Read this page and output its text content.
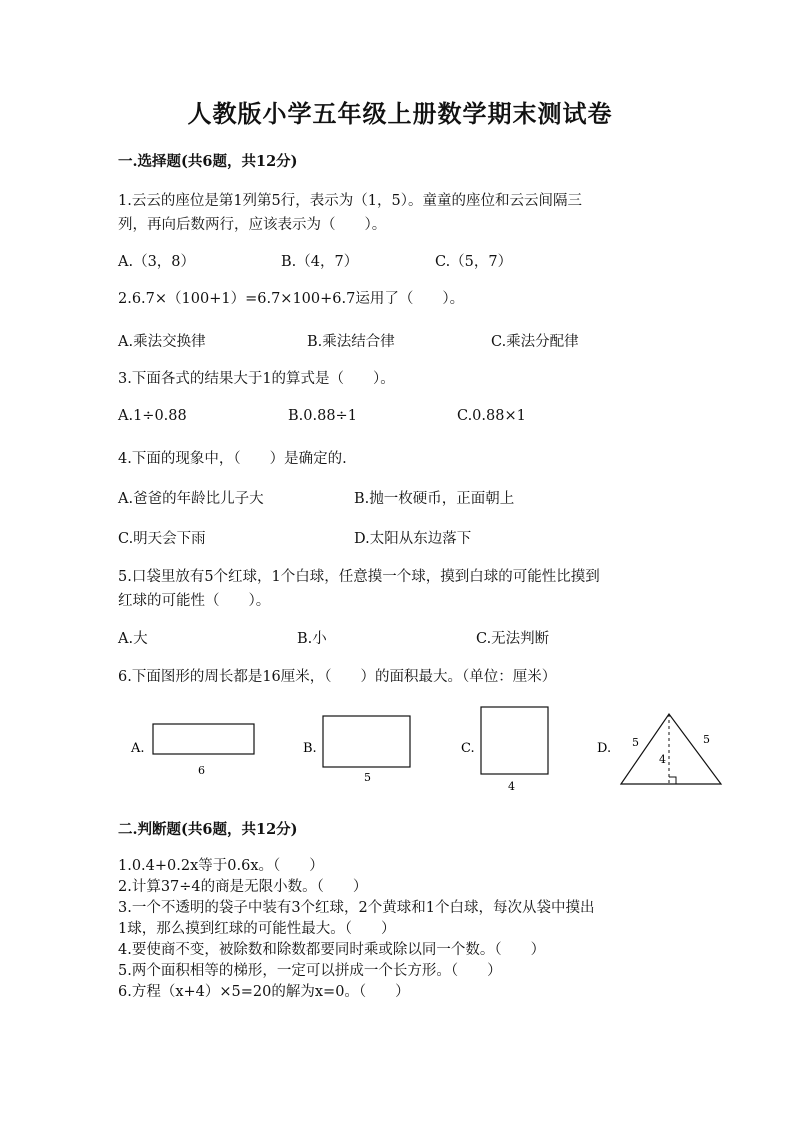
人教版小学五年级上册数学期末测试卷
一.选择题(共6题，共12分)
1.云云的座位是第1列第5行，表示为（1，5）。童童的座位和云云间隔三
列，再向后数两行，应该表示为（　　）。
A.（3，8）	B.（4，7）	C.（5，7）
2.6.7×（100+1）=6.7×100+6.7运用了（　　）。
A.乘法交换律	B.乘法结合律	C.乘法分配律
3.下面各式的结果大于1的算式是（　　）。
A.1÷0.88	B.0.88÷1	C.0.88×1
4.下面的现象中，（　　）是确定的.
A.爸爸的年龄比儿子大	B.抛一枚硬币，正面朝上
C.明天会下雨	D.太阳从东边落下
5.口袋里放有5个红球，1个白球，任意摸一个球，摸到白球的可能性比摸到
红球的可能性（　　）。
A.大	B.小	C.无法判断
6.下面图形的周长都是16厘米，（　　）的面积最大。（单位：厘米）
A.
6
B.
5
C.
4
D. 5	5
4
二.判断题(共6题，共12分)
1.0.4+0.2x等于0.6x。（　　）
2.计算37÷4的商是无限小数。（　　）
3.一个不透明的袋子中装有3个红球，2个黄球和1个白球，每次从袋中摸出
1球，那么摸到红球的可能性最大。（　　）
4.要使商不变，被除数和除数都要同时乘或除以同一个数。（　　）
5.两个面积相等的梯形，一定可以拼成一个长方形。（　　）
6.方程（x+4）×5=20的解为x=0。（　　）
